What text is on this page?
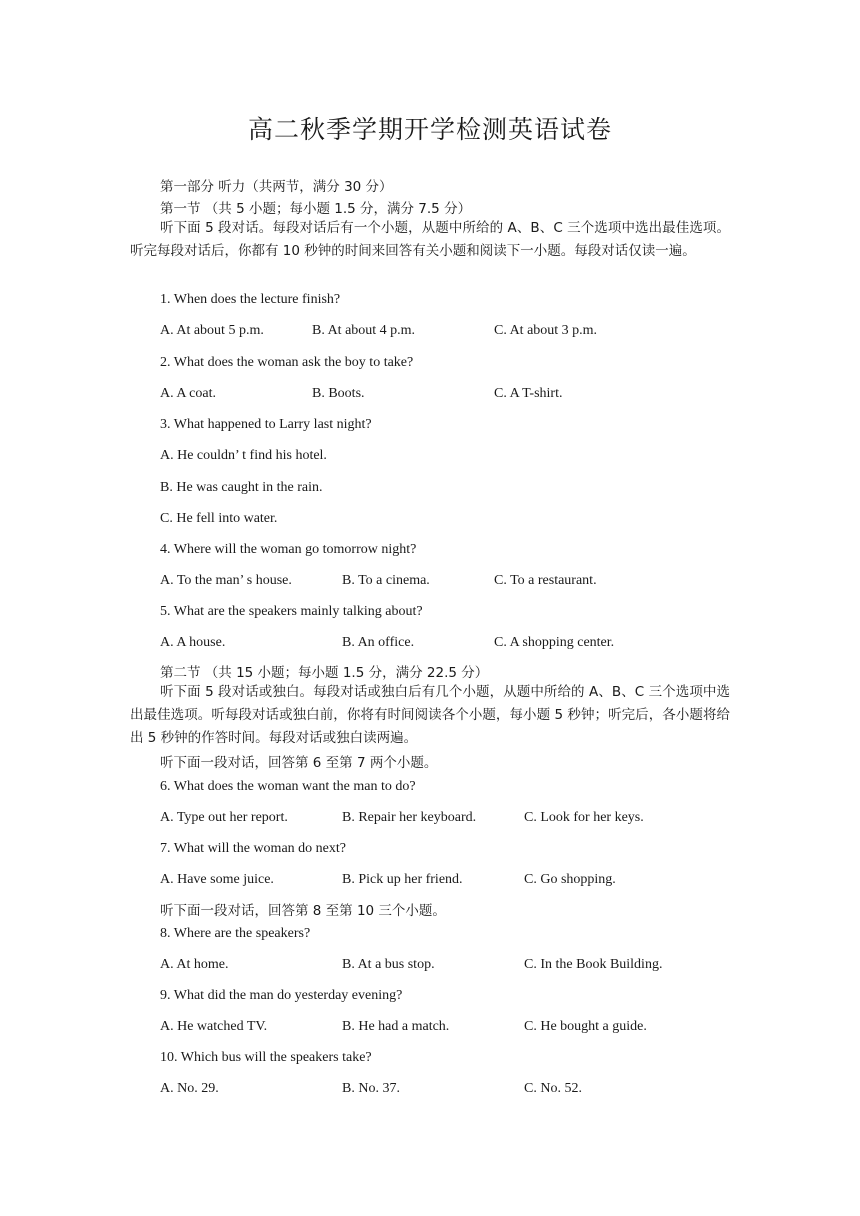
高二秋季学期开学检测英语试卷
第一部分 听力（共两节，满分 30 分）
第一节 （共 5 小题；每小题 1.5 分，满分 7.5 分）
听下面 5 段对话。每段对话后有一个小题，从题中所给的 A、B、C 三个选项中选出最佳选项。听完每段对话后，你都有 10 秒钟的时间来回答有关小题和阅读下一小题。每段对话仅读一遍。
1. When does the lecture finish?
A. At about 5 p.m.	B. At about 4 p.m.	C. At about 3 p.m.
2. What does the woman ask the boy to take?
A. A coat.	B. Boots.	C. A T-shirt.
3. What happened to Larry last night?
A. He couldn’ t find his hotel.
B. He was caught in the rain.
C. He fell into water.
4. Where will the woman go tomorrow night?
A. To the man’ s house.	B. To a cinema.	C. To a restaurant.
5. What are the speakers mainly talking about?
A. A house.	B. An office.	C. A shopping center.
第二节 （共 15 小题；每小题 1.5 分，满分 22.5 分）
听下面 5 段对话或独白。每段对话或独白后有几个小题，从题中所给的 A、B、C 三个选项中选出最佳选项。听每段对话或独白前，你将有时间阅读各个小题，每小题 5 秒钟；听完后，各小题将给出 5 秒钟的作答时间。每段对话或独白读两遍。
听下面一段对话，回答第 6 至第 7 两个小题。
6. What does the woman want the man to do?
A. Type out her report.	B. Repair her keyboard.	C. Look for her keys.
7. What will the woman do next?
A. Have some juice.	B. Pick up her friend.	C. Go shopping.
听下面一段对话，回答第 8 至第 10 三个小题。
8. Where are the speakers?
A. At home.	B. At a bus stop.	C. In the Book Building.
9. What did the man do yesterday evening?
A. He watched TV.	B. He had a match.	C. He bought a guide.
10. Which bus will the speakers take?
A. No. 29.	B. No. 37.	C. No. 52.
